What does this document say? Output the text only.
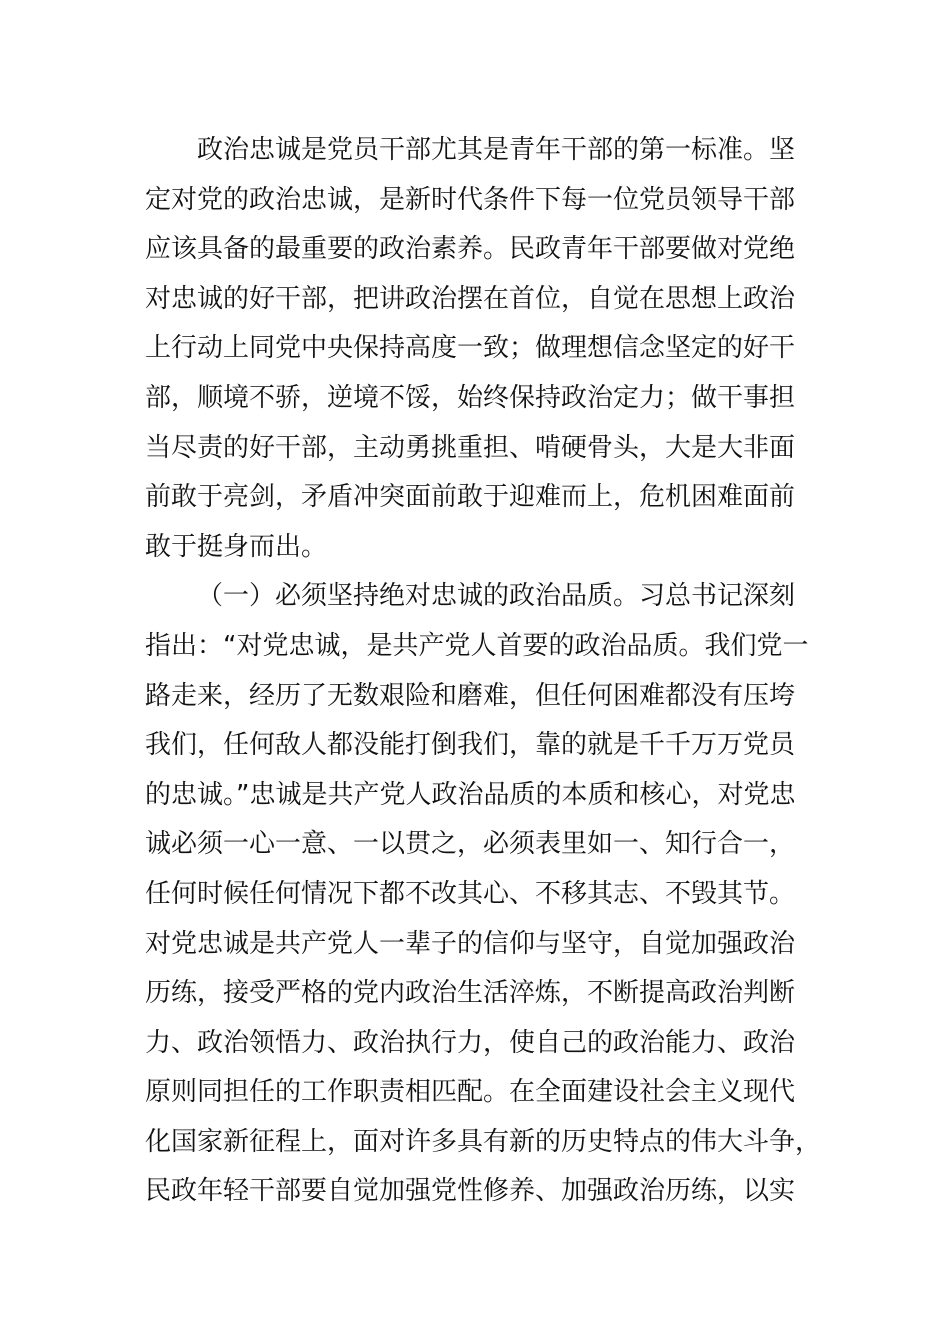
政治忠诚是党员干部尤其是青年干部的第一标准。坚
定对党的政治忠诚，是新时代条件下每一位党员领导干部
应该具备的最重要的政治素养。民政青年干部要做对党绝
对忠诚的好干部，把讲政治摆在首位，自觉在思想上政治
上行动上同党中央保持高度一致；做理想信念坚定的好干
部，顺境不骄，逆境不馁，始终保持政治定力；做干事担
当尽责的好干部，主动勇挑重担、啃硬骨头，大是大非面
前敢于亮剑，矛盾冲突面前敢于迎难而上，危机困难面前
敢于挺身而出。
（一）必须坚持绝对忠诚的政治品质。习总书记深刻
指出：“对党忠诚，是共产党人首要的政治品质。我们党一
路走来，经历了无数艰险和磨难，但任何困难都没有压垮
我们，任何敌人都没能打倒我们，靠的就是千千万万党员
的忠诚。”忠诚是共产党人政治品质的本质和核心，对党忠
诚必须一心一意、一以贯之，必须表里如一、知行合一，
任何时候任何情况下都不改其心、不移其志、不毁其节。
对党忠诚是共产党人一辈子的信仰与坚守，自觉加强政治
历练，接受严格的党内政治生活淬炼，不断提高政治判断
力、政治领悟力、政治执行力，使自己的政治能力、政治
原则同担任的工作职责相匹配。在全面建设社会主义现代
化国家新征程上，面对许多具有新的历史特点的伟大斗争，
民政年轻干部要自觉加强党性修养、加强政治历练，以实
